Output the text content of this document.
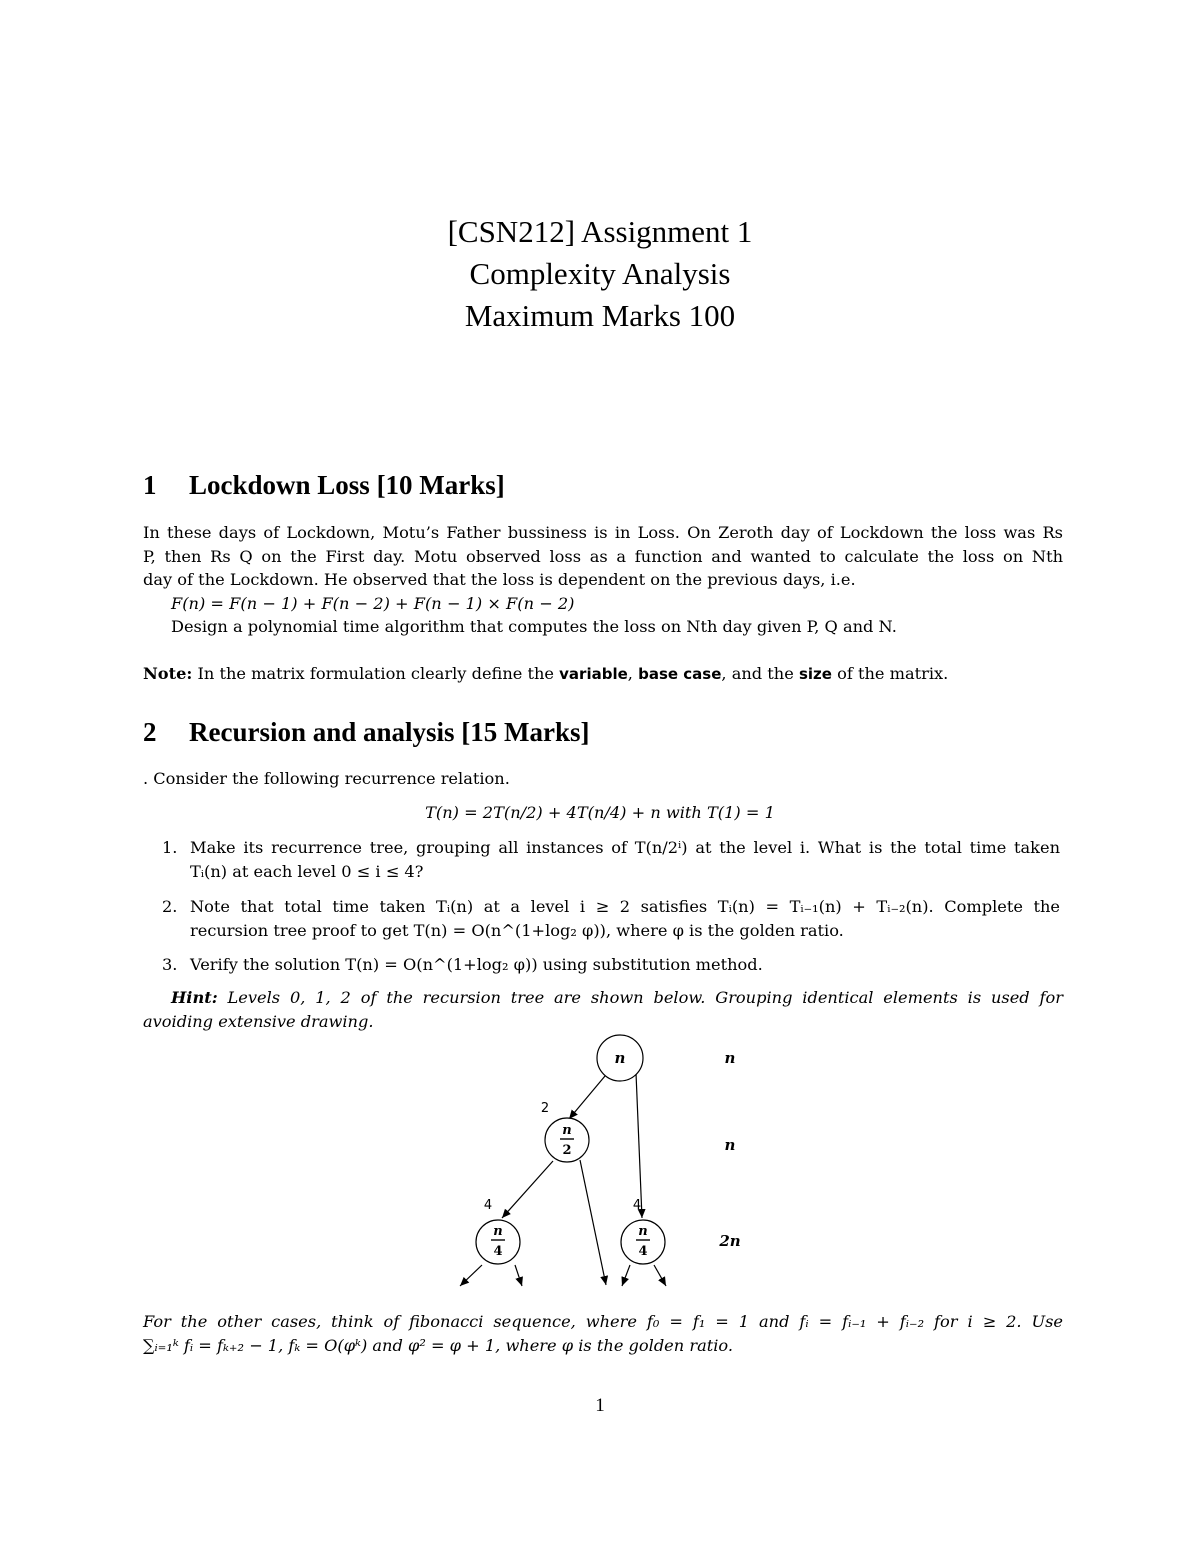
[CSN212] Assignment 1
Complexity Analysis
Maximum Marks 100
1 Lockdown Loss [10 Marks]
In these days of Lockdown, Motu’s Father bussiness is in Loss. On Zeroth day of Lockdown the loss was Rs
P, then Rs Q on the First day. Motu observed loss as a function and wanted to calculate the loss on Nth
day of the Lockdown. He observed that the loss is dependent on the previous days, i.e.
F(n) = F(n − 1) + F(n − 2) + F(n − 1) × F(n − 2)
Design a polynomial time algorithm that computes the loss on Nth day given P, Q and N.
Note: In the matrix formulation clearly define the variable, base case, and the size of the matrix.
2 Recursion and analysis [15 Marks]
. Consider the following recurrence relation.
T(n) = 2T(n/2) + 4T(n/4) + n with T(1) = 1
1. Make its recurrence tree, grouping all instances of T(n/2ⁱ) at the level i. What is the total time taken
Tᵢ(n) at each level 0 ≤ i ≤ 4?
2. Note that total time taken Tᵢ(n) at a level i ≥ 2 satisfies Tᵢ(n) = Tᵢ₋₁(n) + Tᵢ₋₂(n). Complete the
recursion tree proof to get T(n) = O(n^(1+log₂ φ)), where φ is the golden ratio.
3. Verify the solution T(n) = O(n^(1+log₂ φ)) using substitution method.
Hint: Levels 0, 1, 2 of the recursion tree are shown below. Grouping identical elements is used for
avoiding extensive drawing.
n
n
2
n
4
n
4
2
4	4
n
n
2n
For the other cases, think of fibonacci sequence, where f₀ = f₁ = 1 and fᵢ = fᵢ₋₁ + fᵢ₋₂ for i ≥ 2. Use
∑ᵢ₌₁ᵏ fᵢ = fₖ₊₂ − 1, fₖ = O(φᵏ) and φ² = φ + 1, where φ is the golden ratio.
1
